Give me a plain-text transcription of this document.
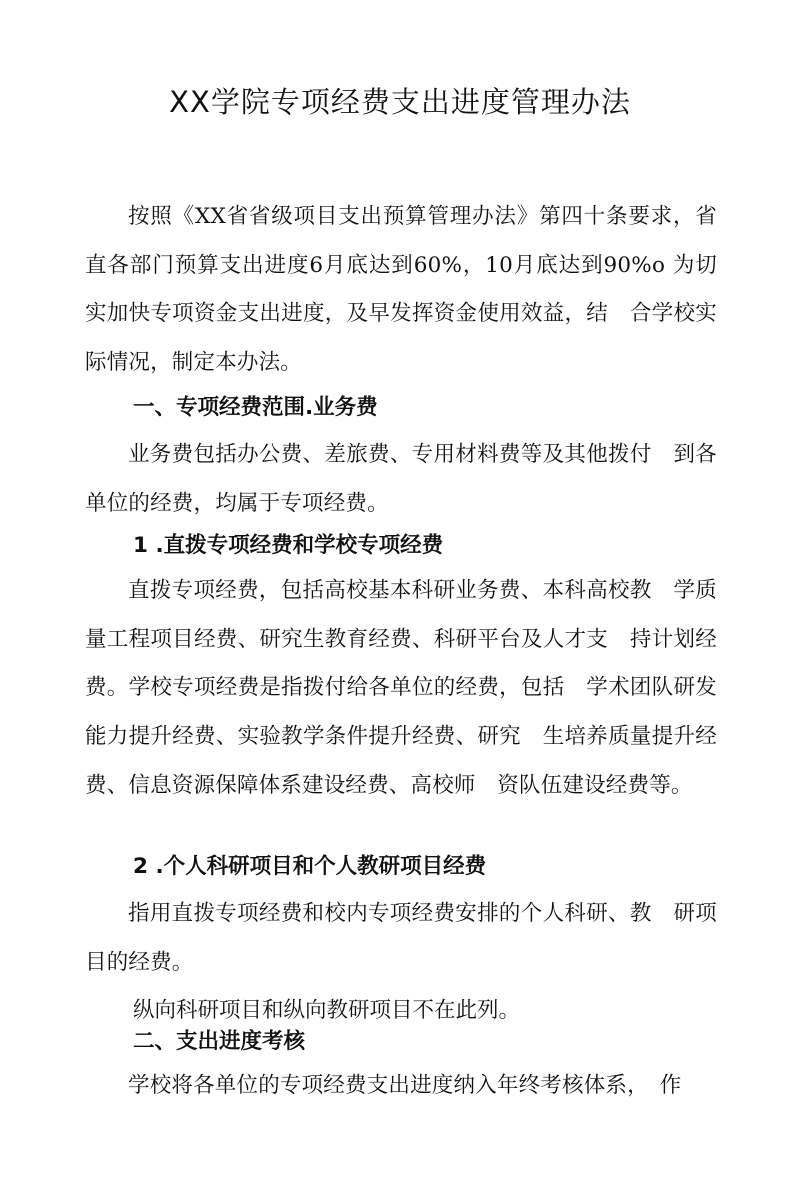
XX学院专项经费支出进度管理办法
按照《XX省省级项目支出预算管理办法》第四十条要求，省直各部门预算支出进度6月底达到60%，10月底达到90%o 为切实加快专项资金支出进度，及早发挥资金使用效益，结　合学校实际情况，制定本办法。
一、专项经费范围.业务费
业务费包括办公费、差旅费、专用材料费等及其他拨付　到各单位的经费，均属于专项经费。
1 .直拨专项经费和学校专项经费
直拨专项经费，包括高校基本科研业务费、本科高校教　学质量工程项目经费、研究生教育经费、科研平台及人才支　持计划经费。学校专项经费是指拨付给各单位的经费，包括　学术团队研发能力提升经费、实验教学条件提升经费、研究　生培养质量提升经费、信息资源保障体系建设经费、高校师　资队伍建设经费等。
2 .个人科研项目和个人教研项目经费
指用直拨专项经费和校内专项经费安排的个人科研、教　研项目的经费。
纵向科研项目和纵向教研项目不在此列。
二、支出进度考核
学校将各单位的专项经费支出进度纳入年终考核体系，　作
